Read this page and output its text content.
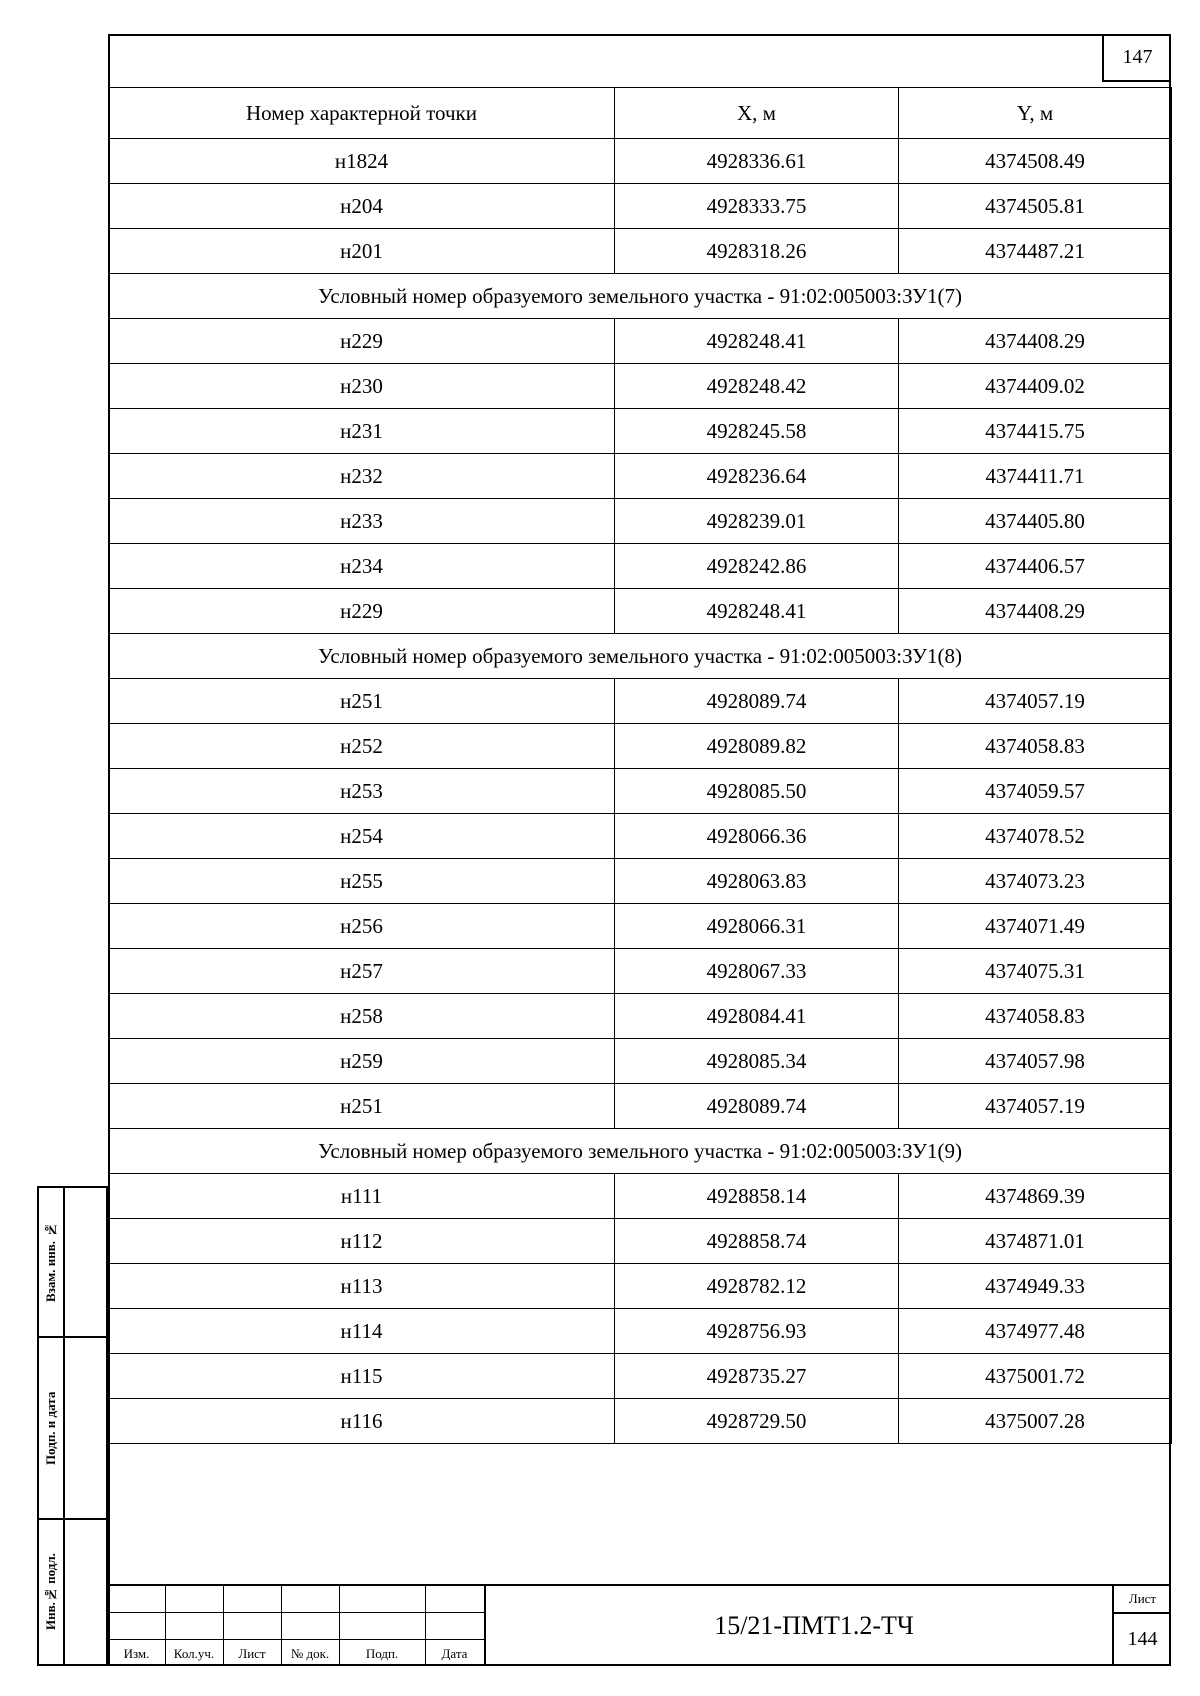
147
Номер характерной точки	X, м	Y, м
н1824	4928336.61	4374508.49
н204	4928333.75	4374505.81
н201	4928318.26	4374487.21
Условный номер образуемого земельного участка - 91:02:005003:ЗУ1(7)		
н229	4928248.41	4374408.29
н230	4928248.42	4374409.02
н231	4928245.58	4374415.75
н232	4928236.64	4374411.71
н233	4928239.01	4374405.80
н234	4928242.86	4374406.57
н229	4928248.41	4374408.29
Условный номер образуемого земельного участка - 91:02:005003:ЗУ1(8)		
н251	4928089.74	4374057.19
н252	4928089.82	4374058.83
н253	4928085.50	4374059.57
н254	4928066.36	4374078.52
н255	4928063.83	4374073.23
н256	4928066.31	4374071.49
н257	4928067.33	4374075.31
н258	4928084.41	4374058.83
н259	4928085.34	4374057.98
н251	4928089.74	4374057.19
Условный номер образуемого земельного участка - 91:02:005003:ЗУ1(9)		
н111	4928858.14	4374869.39
н112	4928858.74	4374871.01
н113	4928782.12	4374949.33
н114	4928756.93	4374977.48
н115	4928735.27	4375001.72
н116	4928729.50	4375007.28
Взам. инв. №
Подп. и дата
Инв.№ подл.
Изм.	Кол.уч.	Лист	№ док.	Подп.	Дата
15/21-ПМТ1.2-ТЧ
Лист
144
